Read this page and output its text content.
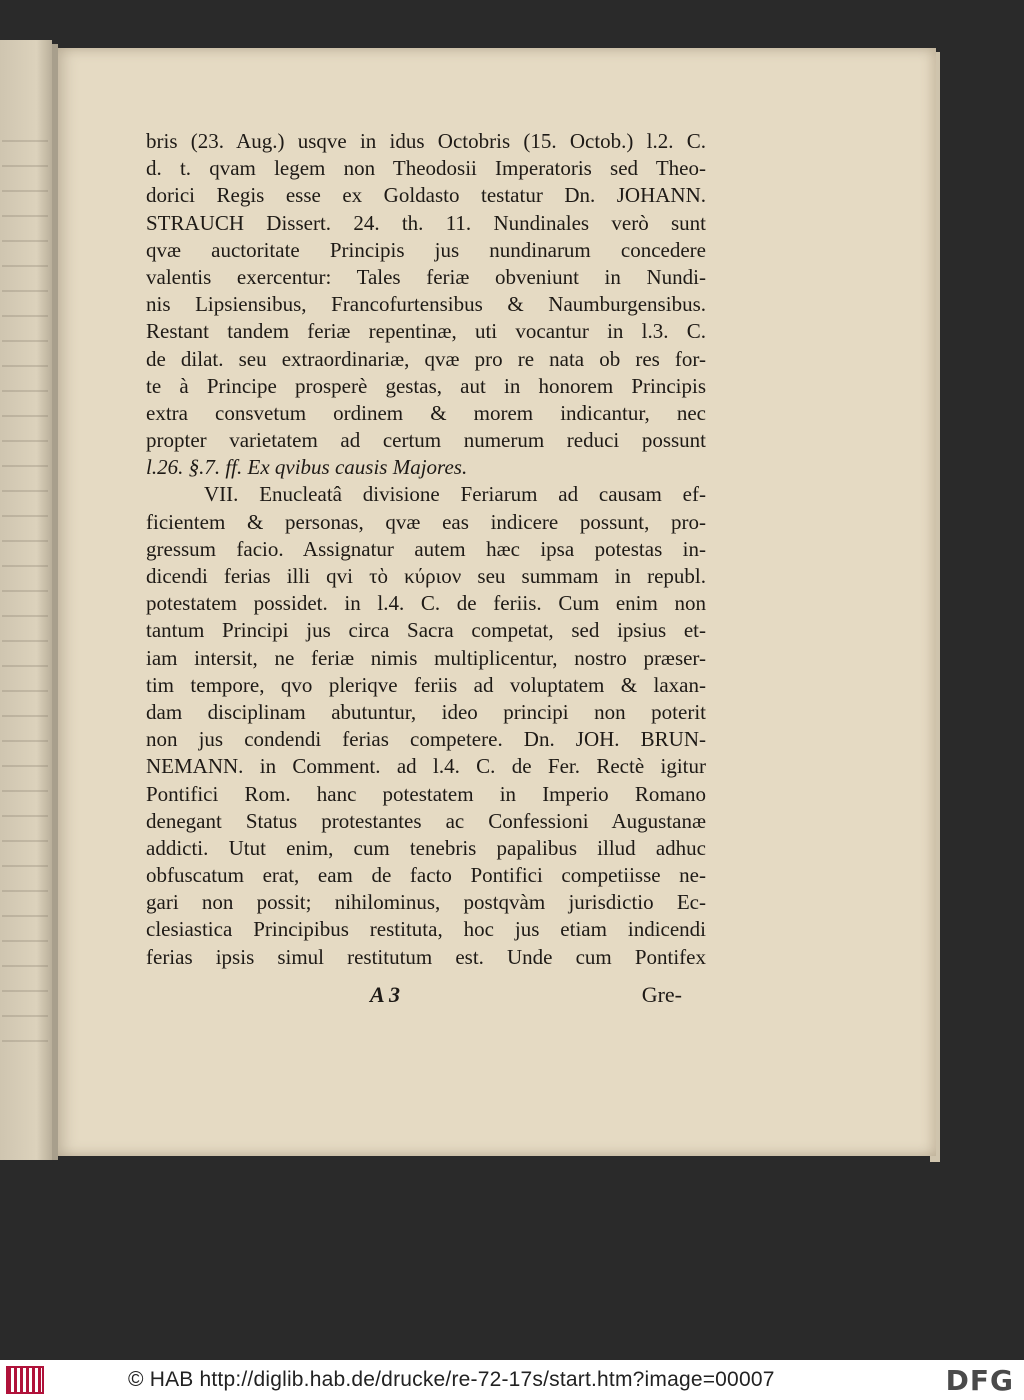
bris (23. Aug.) usqve in idus Octobris (15. Octob.) l.2. C.
d. t. qvam legem non Theodosii Imperatoris sed Theo-
dorici Regis esse ex Goldasto testatur Dn. JOHANN.
STRAUCH Dissert. 24. th. 11. Nundinales verò sunt
qvæ auctoritate Principis jus nundinarum concedere
valentis exercentur: Tales feriæ obveniunt in Nundi-
nis Lipsiensibus, Francofurtensibus & Naumburgensibus.
Restant tandem feriæ repentinæ, uti vocantur in l.3. C.
de dilat. seu extraordinariæ, qvæ pro re nata ob res for-
te à Principe prosperè gestas, aut in honorem Principis
extra consvetum ordinem & morem indicantur, nec
propter varietatem ad certum numerum reduci possunt
l.26. §.7. ff. Ex qvibus causis Majores.
VII. Enucleatâ divisione Feriarum ad causam ef-
ficientem & personas, qvæ eas indicere possunt, pro-
gressum facio. Assignatur autem hæc ipsa potestas in-
dicendi ferias illi qvi τὸ κύριον seu summam in republ.
potestatem possidet. in l.4. C. de feriis. Cum enim non
tantum Principi jus circa Sacra competat, sed ipsius et-
iam intersit, ne feriæ nimis multiplicentur, nostro præser-
tim tempore, qvo pleriqve feriis ad voluptatem & laxan-
dam disciplinam abutuntur, ideo principi non poterit
non jus condendi ferias competere. Dn. JOH. BRUN-
NEMANN. in Comment. ad l.4. C. de Fer. Rectè igitur
Pontifici Rom. hanc potestatem in Imperio Romano
denegant Status protestantes ac Confessioni Augustanæ
addicti. Utut enim, cum tenebris papalibus illud adhuc
obfuscatum erat, eam de facto Pontifici competiisse ne-
gari non possit; nihilominus, postqvàm jurisdictio Ec-
clesiastica Principibus restituta, hoc jus etiam indicendi
ferias ipsis simul restitutum est. Unde cum Pontifex
A 3	Gre-
© HAB http://diglib.hab.de/drucke/re-72-17s/start.htm?image=00007	DFG
